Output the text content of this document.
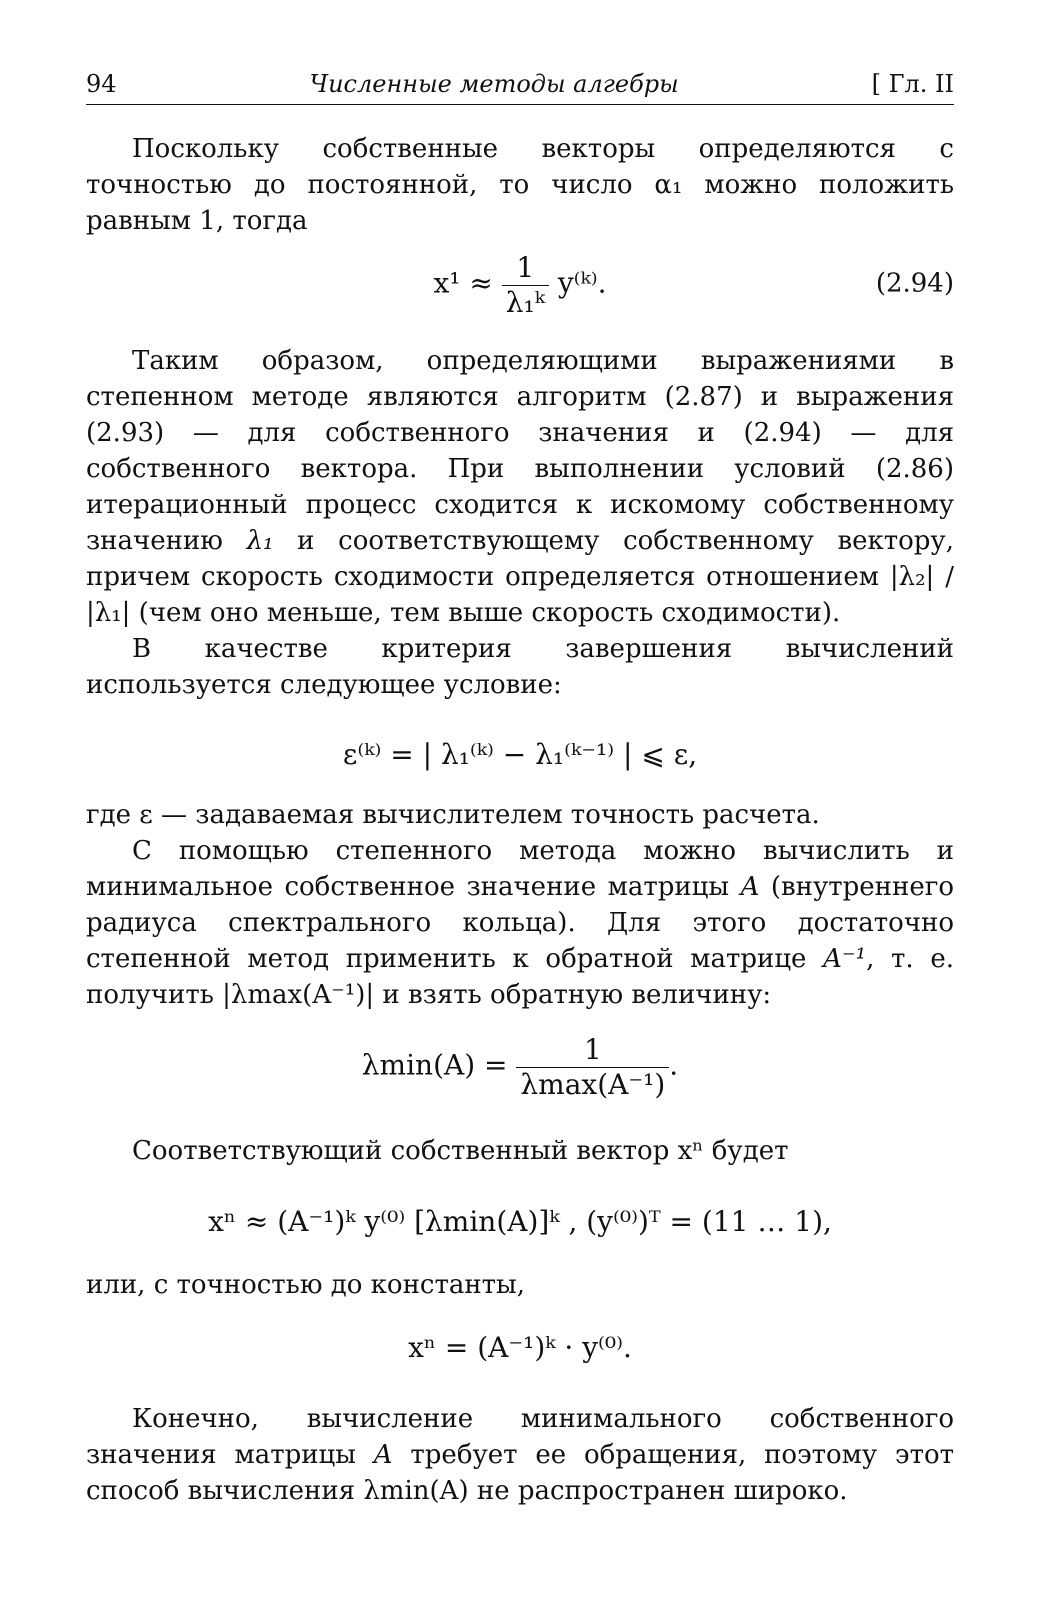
94	Численные методы алгебры	[ Гл. II

Поскольку собственные векторы определяются с точностью до постоянной, то число α₁ можно положить равным 1, тогда

$x^1 \approx \frac{1}{\text{λ₁ᵏ}}$ y⁽ᵏ⁾.	(2.94)

Таким образом, определяющими выражениями в степенном методе являются алгоритм (2.87) и выражения (2.93) — для собственного значения и (2.94) — для собственного вектора. При выполнении условий (2.86) итерационный процесс сходится к искомому собственному значению λ₁ и соответствующему собственному вектору, причем скорость сходимости определяется отношением |λ₂| / |λ₁| (чем оно меньше, тем выше скорость сходимости).

В качестве критерия завершения вычислений используется следующее условие:

ε⁽ᵏ⁾ = | λ₁⁽ᵏ⁾ − λ₁⁽ᵏ⁻¹⁾ | ⩽ ε,

где ε — задаваемая вычислителем точность расчета.

С помощью степенного метода можно вычислить и минимальное собственное значение матрицы A (внутреннего радиуса спектрального кольца). Для этого достаточно степенной метод применить к обратной матрице A⁻¹, т. е. получить |λmax(A⁻¹)| и взять обратную величину:

$\lambda\min(A) = \frac{1}{\text{λmax(A⁻¹)}}$ .

Соответствующий собственный вектор xⁿ будет

xⁿ ≈ (A⁻¹)ᵏ y⁽⁰⁾ [λmin(A)]ᵏ , (y⁽⁰⁾)ᵀ = (11 … 1),

или, с точностью до константы,

xⁿ = (A⁻¹)ᵏ · y⁽⁰⁾.

Конечно, вычисление минимального собственного значения матрицы A требует ее обращения, поэтому этот способ вычисления λmin(A) не распространен широко.
